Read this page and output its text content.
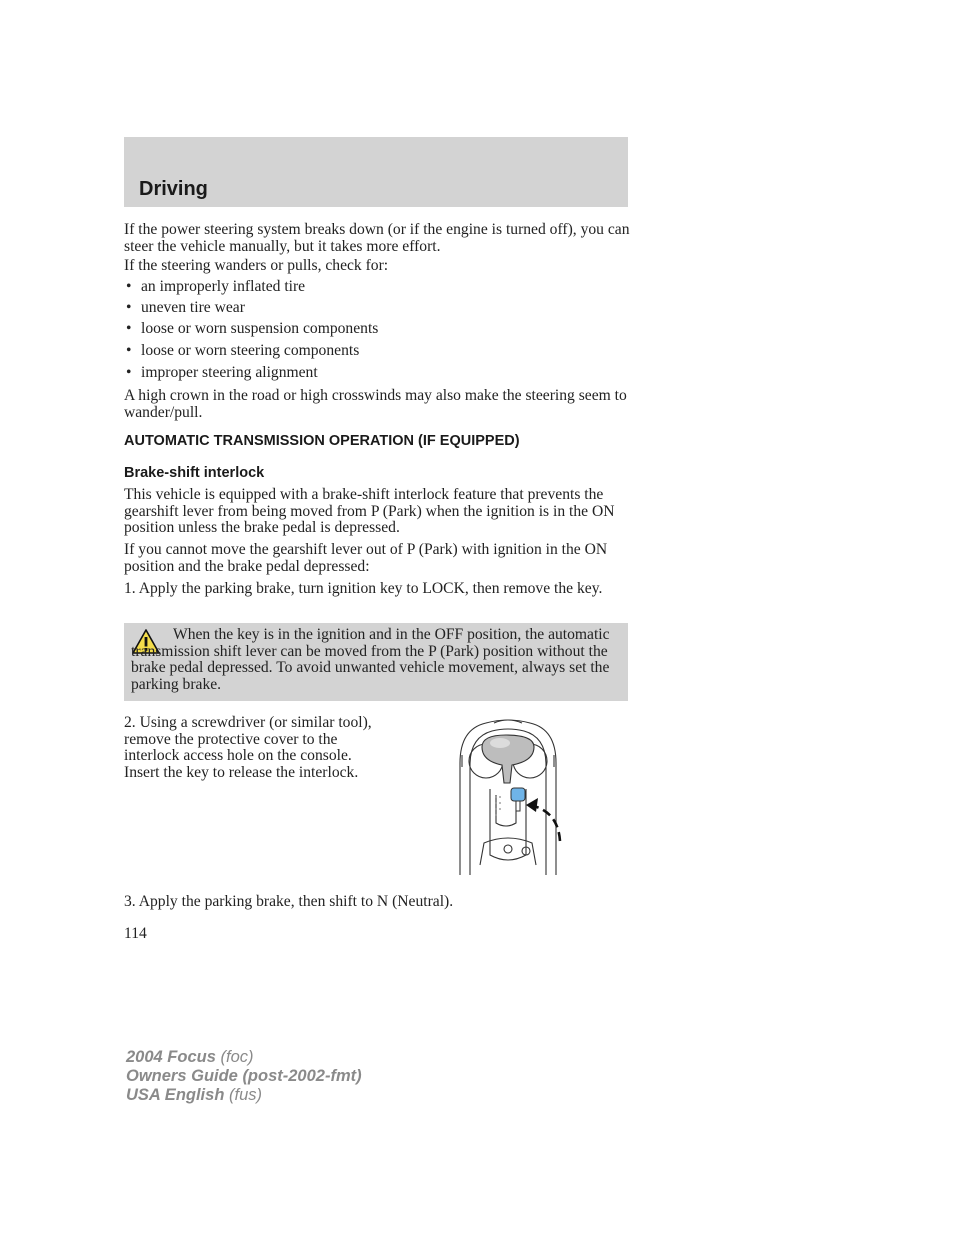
Driving

If the power steering system breaks down (or if the engine is turned off), you can steer the vehicle manually, but it takes more effort.

If the steering wanders or pulls, check for:

• an improperly inflated tire
• uneven tire wear
• loose or worn suspension components
• loose or worn steering components
• improper steering alignment

A high crown in the road or high crosswinds may also make the steering seem to wander/pull.

AUTOMATIC TRANSMISSION OPERATION (IF EQUIPPED)
Brake-shift interlock

This vehicle is equipped with a brake-shift interlock feature that prevents the gearshift lever from being moved from P (Park) when the ignition is in the ON position unless the brake pedal is depressed.

If you cannot move the gearshift lever out of P (Park) with ignition in the ON position and the brake pedal depressed:

1. Apply the parking brake, turn ignition key to LOCK, then remove the key.

When the key is in the ignition and in the OFF position, the automatic transmission shift lever can be moved from the P (Park) position without the brake pedal depressed. To avoid unwanted vehicle movement, always set the parking brake.

2. Using a screwdriver (or similar tool), remove the protective cover to the interlock access hole on the console. Insert the key to release the interlock.

3. Apply the parking brake, then shift to N (Neutral).

114
2004 Focus (foc)
Owners Guide (post-2002-fmt)
USA English (fus)
